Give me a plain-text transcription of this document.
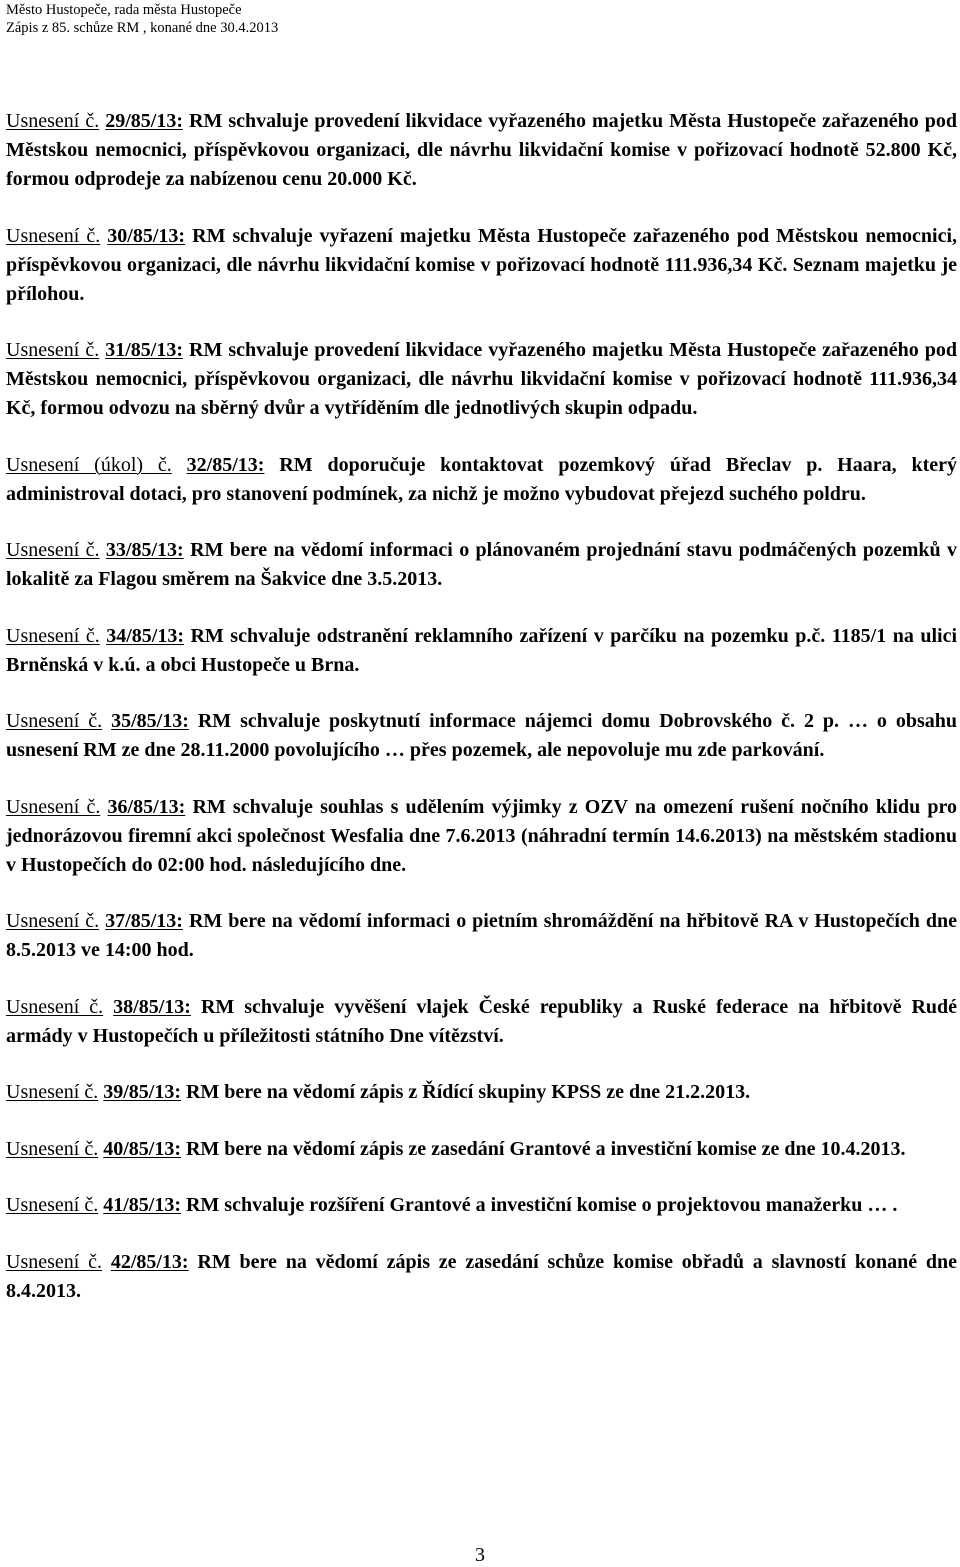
Město Hustopeče, rada města Hustopeče
Zápis z 85. schůze RM , konané dne 30.4.2013
Usnesení č. 29/85/13: RM schvaluje provedení likvidace vyřazeného majetku Města Hustopeče zařazeného pod Městskou nemocnici, příspěvkovou organizaci, dle návrhu likvidační komise v pořizovací hodnotě 52.800 Kč, formou odprodeje za nabízenou cenu 20.000 Kč.
Usnesení č. 30/85/13: RM schvaluje vyřazení majetku Města Hustopeče zařazeného pod Městskou nemocnici, příspěvkovou organizaci, dle návrhu likvidační komise v pořizovací hodnotě 111.936,34 Kč. Seznam majetku je přílohou.
Usnesení č. 31/85/13: RM schvaluje provedení likvidace vyřazeného majetku Města Hustopeče zařazeného pod Městskou nemocnici, příspěvkovou organizaci, dle návrhu likvidační komise v pořizovací hodnotě 111.936,34 Kč, formou odvozu na sběrný dvůr a vytříděním dle jednotlivých skupin odpadu.
Usnesení (úkol) č. 32/85/13: RM doporučuje kontaktovat pozemkový úřad Břeclav p. Haara, který administroval dotaci, pro stanovení podmínek, za nichž je možno vybudovat přejezd suchého poldru.
Usnesení č. 33/85/13: RM bere na vědomí informaci o plánovaném projednání stavu podmáčených pozemků v lokalitě za Flagou směrem na Šakvice dne 3.5.2013.
Usnesení č. 34/85/13: RM schvaluje odstranění reklamního zařízení v parčíku na pozemku p.č. 1185/1 na ulici Brněnská v k.ú. a obci Hustopeče u Brna.
Usnesení č. 35/85/13: RM schvaluje poskytnutí informace nájemci domu Dobrovského č. 2 p. … o obsahu usnesení RM ze dne 28.11.2000 povolujícího … přes pozemek, ale nepovoluje mu zde parkování.
Usnesení č. 36/85/13: RM schvaluje souhlas s udělením výjimky z OZV na omezení rušení nočního klidu pro jednorázovou firemní akci společnost Wesfalia dne 7.6.2013 (náhradní termín 14.6.2013) na městském stadionu v Hustopečích do 02:00 hod. následujícího dne.
Usnesení č. 37/85/13: RM bere na vědomí informaci o pietním shromáždění na hřbitově RA v Hustopečích dne 8.5.2013 ve 14:00 hod.
Usnesení č. 38/85/13: RM schvaluje vyvěšení vlajek České republiky a Ruské federace na hřbitově Rudé armády v Hustopečích u příležitosti státního Dne vítězství.
Usnesení č. 39/85/13: RM bere na vědomí zápis z Řídící skupiny KPSS ze dne 21.2.2013.
Usnesení č. 40/85/13: RM bere na vědomí zápis ze zasedání Grantové a investiční komise ze dne 10.4.2013.
Usnesení č. 41/85/13: RM schvaluje rozšíření Grantové a investiční komise o projektovou manažerku … .
Usnesení č. 42/85/13: RM bere na vědomí zápis ze zasedání schůze komise obřadů a slavností konané dne 8.4.2013.
3
